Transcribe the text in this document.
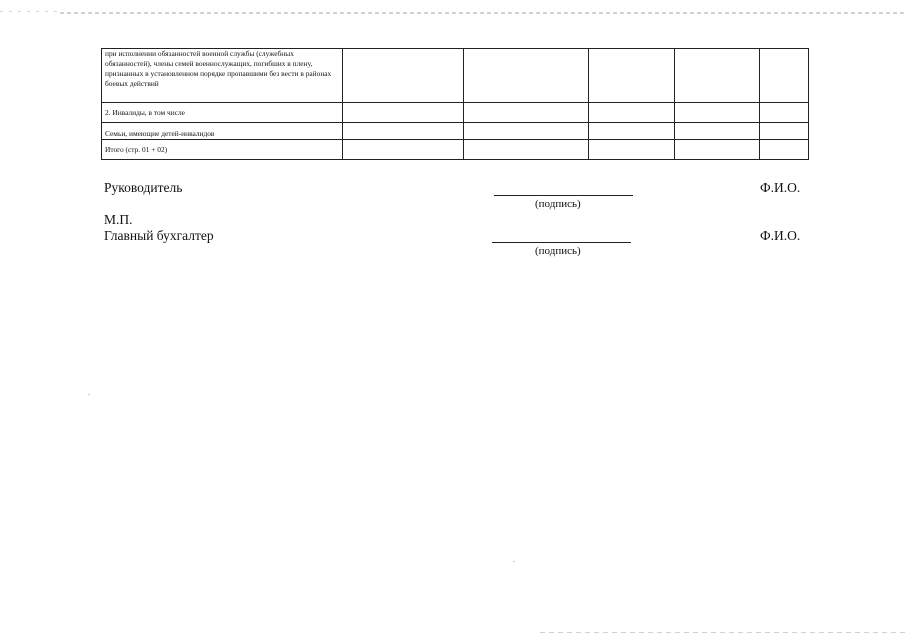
при исполнении обязанностей военной службы (служебных обязанностей), члены семей военнослужащих, погибших в плену, признанных в установленном порядке пропавшими без вести в районах боевых действий					
2. Инвалиды, в том числе					
Семьи, имеющие детей-инвалидов					
Итого (стр. 01 + 02)					
Руководитель
(подпись)
Ф.И.О.
М.П.
Главный бухгалтер
(подпись)
Ф.И.О.
